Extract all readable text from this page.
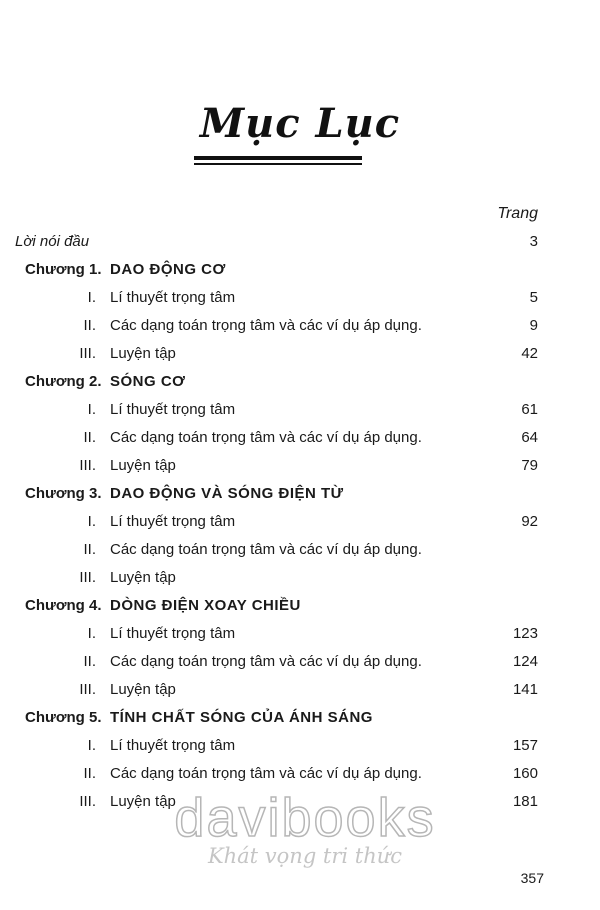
Mục Lục
Trang
Lời nói đầu	3
Chương 1. DAO ĐỘNG CƠ
I. Lí thuyết trọng tâm	5
II. Các dạng toán trọng tâm và các ví dụ áp dụng.	9
III. Luyện tập	42
Chương 2. SÓNG CƠ
I. Lí thuyết trọng tâm	61
II. Các dạng toán trọng tâm và các ví dụ áp dụng.	64
III. Luyện tập	79
Chương 3. DAO ĐỘNG VÀ SÓNG ĐIỆN TỪ
I. Lí thuyết trọng tâm	92
II. Các dạng toán trọng tâm và các ví dụ áp dụng.
III. Luyện tập
Chương 4. DÒNG ĐIỆN XOAY CHIỀU
I. Lí thuyết trọng tâm	123
II. Các dạng toán trọng tâm và các ví dụ áp dụng.	124
III. Luyện tập	141
Chương 5. TÍNH CHẤT SÓNG CỦA ÁNH SÁNG
I. Lí thuyết trọng tâm	157
II. Các dạng toán trọng tâm và các ví dụ áp dụng.	160
III. Luyện tập	181
davibooks
Khát vọng tri thức
357
